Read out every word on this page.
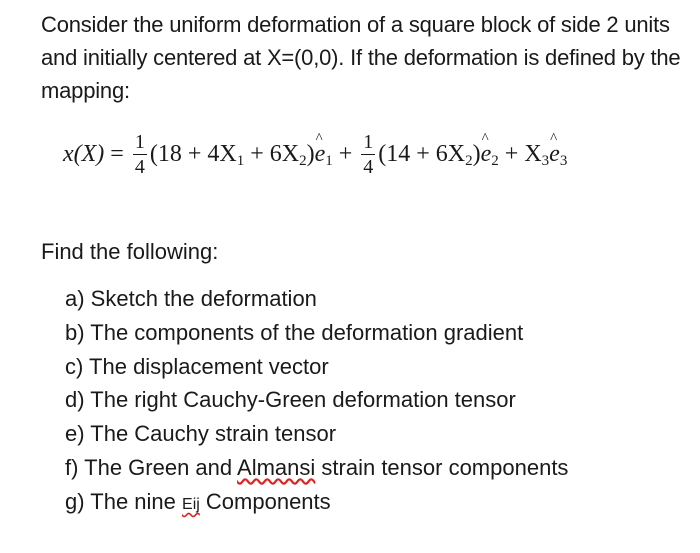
Consider the uniform deformation of a square block of side 2 units and initially centered at X=(0,0). If the deformation is defined by the mapping:
$x(X) = \frac{1}{4} (18 + 4X_1$ + $6X_2)\^{}$ $e_1 + \frac{1}{4} (14$ + $6X_2)\^{}$ $e_2$ + $X_3\^{}$ $e_3$
Find the following:
a) Sketch the deformation
b) The components of the deformation gradient
c) The displacement vector
d) The right Cauchy-Green deformation tensor
e) The Cauchy strain tensor
f) The Green and Almansi strain tensor components
g) The nine Eij Components
